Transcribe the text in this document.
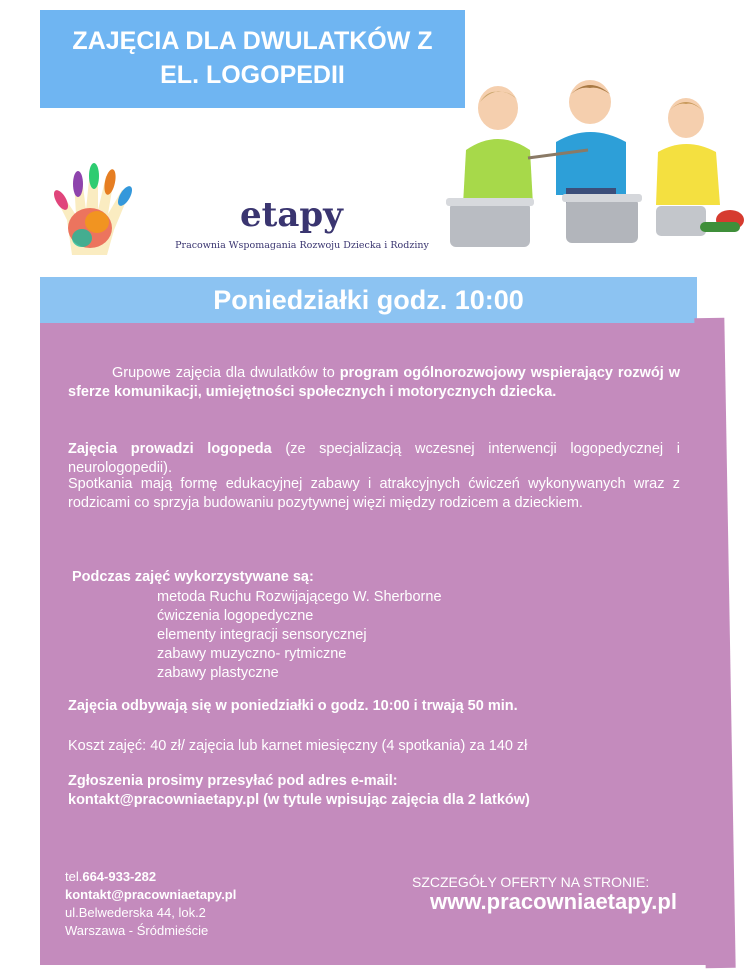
ZAJĘCIA DLA DWULATKÓW Z
EL. LOGOPEDII
etapy
Pracownia Wspomagania Rozwoju Dziecka i Rodziny
Poniedziałki godz. 10:00
Grupowe zajęcia dla dwulatków to program ogólnorozwojowy wspierający rozwój w sferze komunikacji, umiejętności społecznych i motorycznych dziecka.
Zajęcia prowadzi logopeda (ze specjalizacją wczesnej interwencji logopedycznej i neurologopedii).
Spotkania mają formę edukacyjnej zabawy i atrakcyjnych ćwiczeń wykonywanych wraz z rodzicami co sprzyja budowaniu pozytywnej więzi między rodzicem a dzieckiem.
Podczas zajęć wykorzystywane są:
metoda Ruchu Rozwijającego W. Sherborne
ćwiczenia logopedyczne
elementy integracji sensorycznej
zabawy muzyczno- rytmiczne
zabawy plastyczne
Zajęcia odbywają się w poniedziałki o godz. 10:00 i trwają 50 min.
Koszt zajęć: 40 zł/ zajęcia lub karnet miesięczny (4 spotkania) za 140 zł
Zgłoszenia prosimy przesyłać pod adres e-mail:
kontakt@pracowniaetapy.pl (w tytule wpisując zajęcia dla 2 latków)
tel.664-933-282
kontakt@pracowniaetapy.pl
ul.Belwederska 44, lok.2
Warszawa - Śródmieście
SZCZEGÓŁY OFERTY NA STRONIE:
www.pracowniaetapy.pl
